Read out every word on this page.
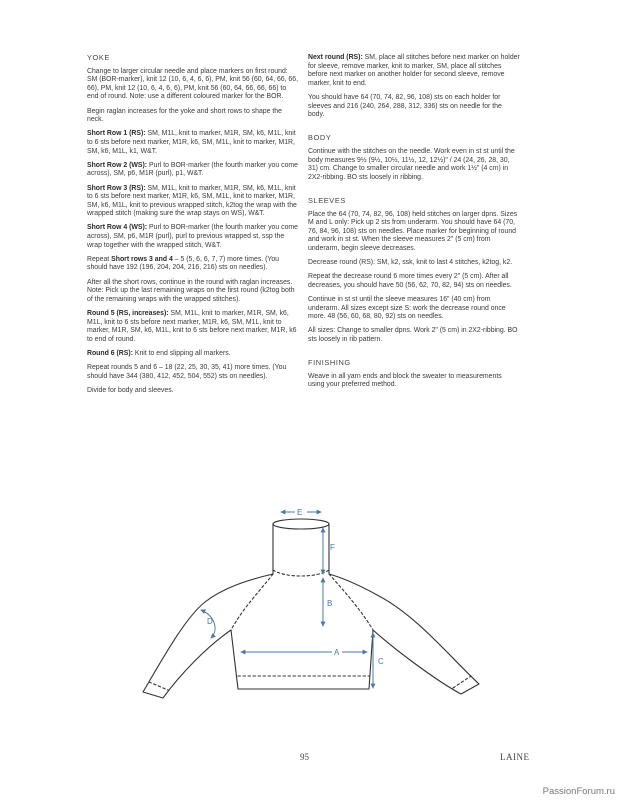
YOKE
Change to larger circular needle and place markers on first round: SM (BOR-marker), knit 12 (10, 6, 4, 6, 6), PM, knit 56 (60, 64, 66, 66, 66), PM, knit 12 (10, 6, 4, 6, 6), PM, knit 56 (60, 64, 66, 66, 66) to end of round. Note: use a different coloured marker for the BOR.
Begin raglan increases for the yoke and short rows to shape the neck.
Short Row 1 (RS): SM, M1L, knit to marker, M1R, SM, k6, M1L, knit to 6 sts before next marker, M1R, k6, SM, M1L, knit to marker, M1R, SM, k6, M1L, k1, W&T.
Short Row 2 (WS): Purl to BOR-marker (the fourth marker you come across), SM, p6, M1R (purl), p1, W&T.
Short Row 3 (RS): SM, M1L, knit to marker, M1R, SM, k6, M1L, knit to 6 sts before next marker, M1R, k6, SM, M1L, knit to marker, M1R, SM, k6, M1L, knit to previous wrapped stitch, k2tog the wrap with the wrapped stitch (making sure the wrap stays on WS), W&T.
Short Row 4 (WS): Purl to BOR-marker (the fourth marker you come across), SM, p6, M1R (purl), purl to previous wrapped st, ssp the wrap together with the wrapped stitch, W&T.
Repeat Short rows 3 and 4 – 5 (5, 6, 6, 7, 7) more times. (You should have 192 (196, 204, 204, 216, 216) sts on needles).
After all the short rows, continue in the round with raglan increases. Note: Pick up the last remaining wraps on the first round (k2tog both of the remaining wraps with the wrapped stitches).
Round 5 (RS, increases): SM, M1L, knit to marker, M1R, SM, k6, M1L, knit to 6 sts before next marker, M1R, k6, SM, M1L, knit to marker, M1R, SM, k6, M1L, knit to 6 sts before next marker, M1R, k6 to end of round.
Round 6 (RS): Knit to end slipping all markers.
Repeat rounds 5 and 6 – 18 (22, 25, 30, 35, 41) more times. (You should have 344 (380, 412, 452, 504, 552) sts on needles).
Divide for body and sleeves.
Next round (RS): SM, place all stitches before next marker on holder for sleeve, remove marker, knit to marker, SM, place all stitches before next marker on another holder for second sleeve, remove marker, knit to end.
You should have 64 (70, 74, 82, 96, 108) sts on each holder for sleeves and 216 (240, 264, 288, 312, 336) sts on needle for the body.
BODY
Continue with the stitches on the needle. Work even in st st until the body measures 9½ (9½, 10½, 11½, 12, 12½)" / 24 (24, 26, 28, 30, 31) cm. Change to smaller circular needle and work 1½" (4 cm) in 2X2-ribbing. BO sts loosely in ribbing.
SLEEVES
Place the 64 (70, 74, 82, 96, 108) held stitches on larger dpns. Sizes M and L only: Pick up 2 sts from underarm. You should have 64 (70, 76, 84, 96, 108) sts on needles. Place marker for beginning of round and work in st st. When the sleeve measures 2" (5 cm) from underarm, begin sleeve decreases.
Decrease round (RS): SM, k2, ssk, knit to last 4 stitches, k2tog, k2.
Repeat the decrease round 6 more times every 2" (5 cm). After all decreases, you should have 50 (56, 62, 70, 82, 94) sts on needles.
Continue in st st until the sleeve measures 16" (40 cm) from underarm. All sizes except size S: work the decrease round once more. 48 (56, 60, 68, 80, 92) sts on needles.
All sizes: Change to smaller dpns. Work 2" (5 cm) in 2X2-ribbing. BO sts loosely in rib pattern.
FINISHING
Weave in all yarn ends and block the sweater to measurements using your preferred method.
E
F
B
A
C
D
95	LAINE
PassionForum.ru
